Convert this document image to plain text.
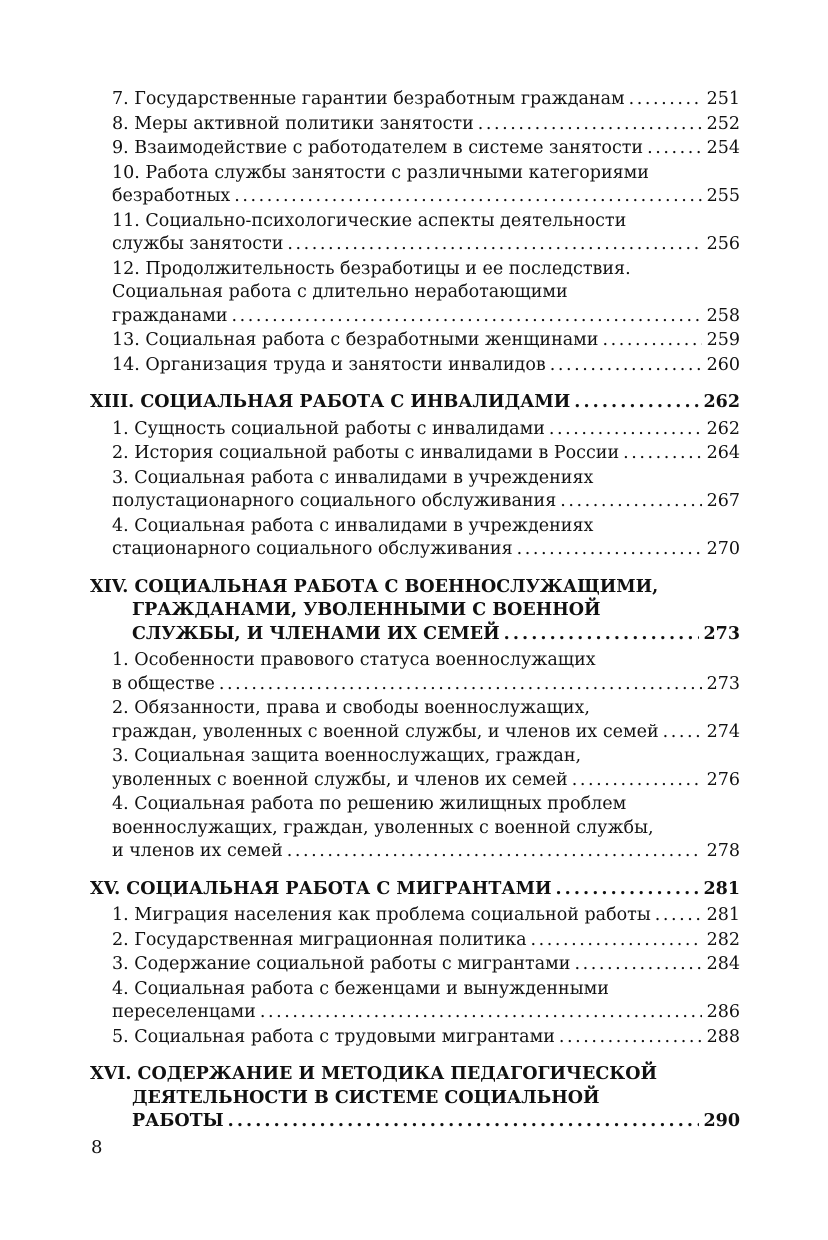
7. Государственные гарантии безработным гражданам . . .	251
8. Меры активной политики занятости . . .	252
9. Взаимодействие с работодателем в системе занятости . . .	254
10. Работа службы занятости с различными категориями
безработных . . .	255
11. Социально-психологические аспекты деятельности
службы занятости . . .	256
12. Продолжительность безработицы и ее последствия.
Социальная работа с длительно неработающими
гражданами . . .	258
13. Социальная работа с безработными женщинами . . .	259
14. Организация труда и занятости инвалидов . . .	260
XIII. СОЦИАЛЬНАЯ РАБОТА С ИНВАЛИДАМИ . . .	262
1. Сущность социальной работы с инвалидами . . .	262
2. История социальной работы с инвалидами в России . . .	264
3. Социальная работа с инвалидами в учреждениях
полустационарного социального обслуживания . . .	267
4. Социальная работа с инвалидами в учреждениях
стационарного социального обслуживания . . .	270
XIV. СОЦИАЛЬНАЯ РАБОТА С ВОЕННОСЛУЖАЩИМИ,
ГРАЖДАНАМИ, УВОЛЕННЫМИ С ВОЕННОЙ
СЛУЖБЫ, И ЧЛЕНАМИ ИХ СЕМЕЙ . . .	273
1. Особенности правового статуса военнослужащих
в обществе . . .	273
2. Обязанности, права и свободы военнослужащих,
граждан, уволенных с военной службы, и членов их семей . . .	274
3. Социальная защита военнослужащих, граждан,
уволенных с военной службы, и членов их семей . . .	276
4. Социальная работа по решению жилищных проблем
военнослужащих, граждан, уволенных с военной службы,
и членов их семей . . .	278
XV. СОЦИАЛЬНАЯ РАБОТА С МИГРАНТАМИ . . .	281
1. Миграция населения как проблема социальной работы . . .	281
2. Государственная миграционная политика . . .	282
3. Содержание социальной работы с мигрантами . . .	284
4. Социальная работа с беженцами и вынужденными
переселенцами . . .	286
5. Социальная работа с трудовыми мигрантами . . .	288
XVI. СОДЕРЖАНИЕ И МЕТОДИКА ПЕДАГОГИЧЕСКОЙ
ДЕЯТЕЛЬНОСТИ В СИСТЕМЕ СОЦИАЛЬНОЙ
РАБОТЫ . . .	290
8
